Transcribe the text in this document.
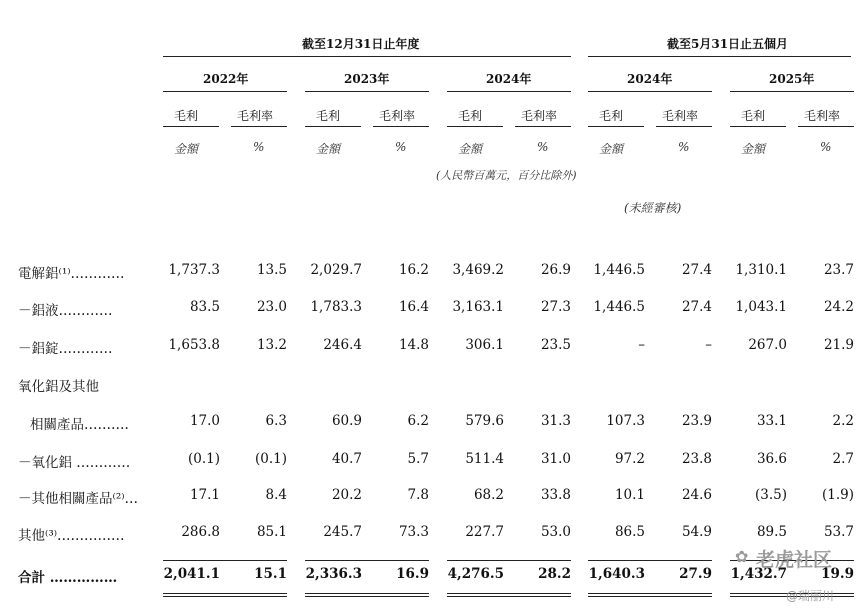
截至12月31日止年度	截至5月31日止五個月
2022年	2023年	2024年	2024年	2025年
毛利	毛利率	毛利	毛利率	毛利	毛利率	毛利	毛利率	毛利	毛利率
金額	%	金額	%	金額	%	金額	%	金額	%
(人民幣百萬元，百分比除外)
(未經審核)
電解鋁⁽¹⁾…………	1,737.3	13.5	2,029.7	16.2	3,469.2	26.9	1,446.5	27.4	1,310.1	23.7
－鋁液…………	83.5	23.0	1,783.3	16.4	3,163.1	27.3	1,446.5	27.4	1,043.1	24.2
－鋁錠…………	1,653.8	13.2	246.4	14.8	306.1	23.5	–	–	267.0	21.9
氧化鋁及其他
相關產品……….	17.0	6.3	60.9	6.2	579.6	31.3	107.3	23.9	33.1	2.2
－氧化鋁 …………	(0.1)	(0.1)	40.7	5.7	511.4	31.0	97.2	23.8	36.6	2.7
－其他相關產品⁽²⁾…	17.1	8.4	20.2	7.8	68.2	33.8	10.1	24.6	(3.5)	(1.9)
其他⁽³⁾……………	286.8	85.1	245.7	73.3	227.7	53.0	86.5	54.9	89.5	53.7
合計 ……………	2,041.1	15.1	2,336.3	16.9	4,276.5	28.2	1,640.3	27.9	1,432.7	19.9
✿ 老虎社区
@瑞丽川
